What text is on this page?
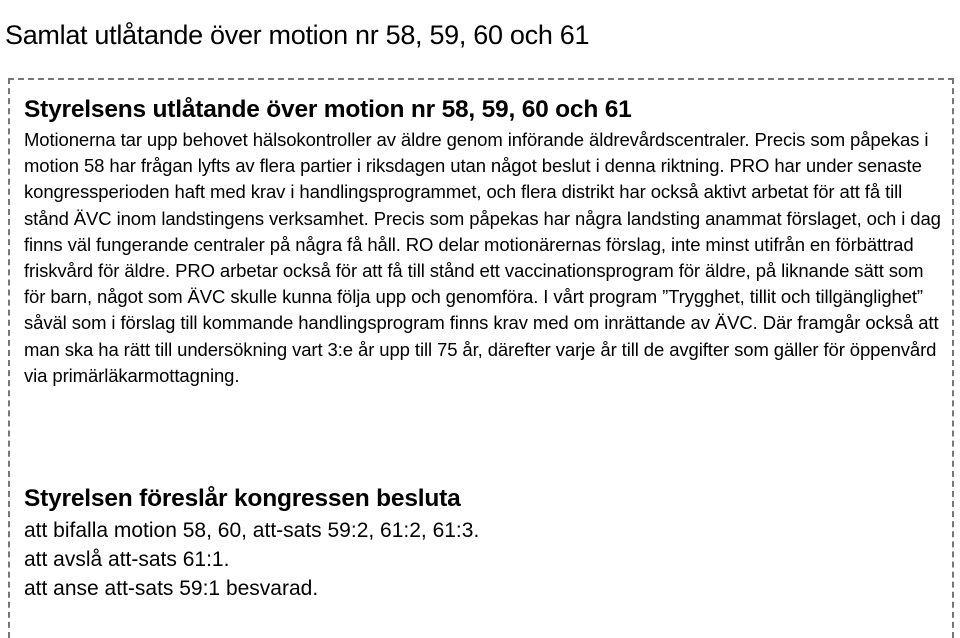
Samlat utlåtande över motion nr 58, 59, 60 och 61
Styrelsens utlåtande över motion nr 58, 59, 60 och 61

Motionerna tar upp behovet hälsokontroller av äldre genom införande äldrevårdscentraler. Precis som påpekas i motion 58 har frågan lyfts av flera partier i riksdagen utan något beslut i denna riktning. PRO har under senaste kongressperioden haft med krav i handlingsprogrammet, och flera distrikt har också aktivt arbetat för att få till stånd ÄVC inom landstingens verksamhet. Precis som påpekas har några landsting anammat förslaget, och i dag finns väl fungerande centraler på några få håll. RO delar motionärernas förslag, inte minst utifrån en förbättrad friskvård för äldre. PRO arbetar också för att få till stånd ett vaccinationsprogram för äldre, på liknande sätt som för barn, något som ÄVC skulle kunna följa upp och genomföra. I vårt program ”Trygghet, tillit och tillgänglighet” såväl som i förslag till kommande handlingsprogram finns krav med om inrättande av ÄVC. Där framgår också att man ska ha rätt till undersökning vart 3:e år upp till 75 år, därefter varje år till de avgifter som gäller för öppenvård via primärläkarmottagning.

Styrelsen föreslår kongressen besluta
att bifalla motion 58, 60, att-sats 59:2, 61:2, 61:3.
att avslå att-sats 61:1.
att anse att-sats 59:1 besvarad.
